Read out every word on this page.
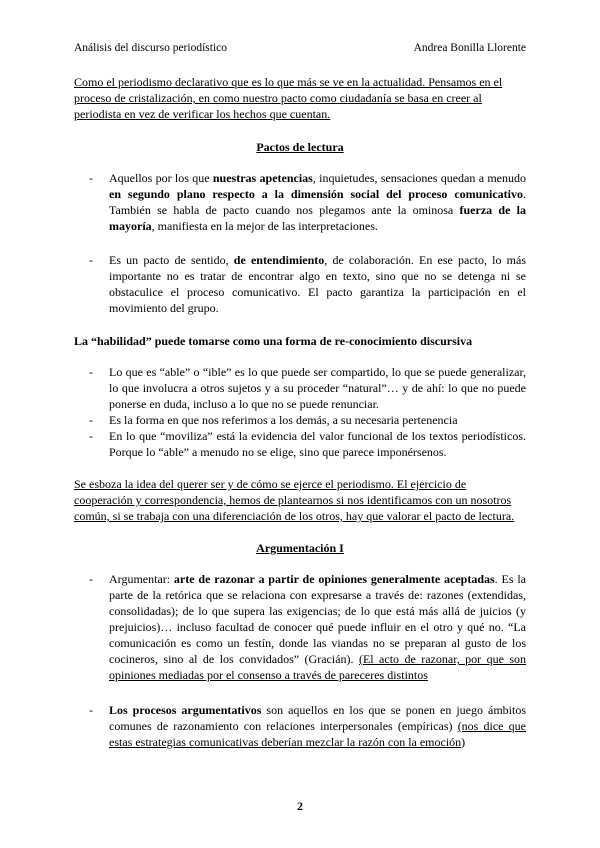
Análisis del discurso periodístico	Andrea Bonilla Llorente

Como el periodismo declarativo que es lo que más se ve en la actualidad. Pensamos en el proceso de cristalización, en como nuestro pacto como ciudadanía se basa en creer al periodista en vez de verificar los hechos que cuentan.

Pactos de lectura

- Aquellos por los que nuestras apetencias, inquietudes, sensaciones quedan a menudo en segundo plano respecto a la dimensión social del proceso comunicativo. También se habla de pacto cuando nos plegamos ante la ominosa fuerza de la mayoría, manifiesta en la mejor de las interpretaciones.
- Es un pacto de sentido, de entendimiento, de colaboración. En ese pacto, lo más importante no es tratar de encontrar algo en texto, sino que no se detenga ni se obstaculice el proceso comunicativo. El pacto garantiza la participación en el movimiento del grupo.

La “habilidad” puede tomarse como una forma de re-conocimiento discursiva

- Lo que es “able” o “ible” es lo que puede ser compartido, lo que se puede generalizar, lo que involucra a otros sujetos y a su proceder “natural”… y de ahí: lo que no puede ponerse en duda, incluso a lo que no se puede renunciar.
- Es la forma en que nos referimos a los demás, a su necesaria pertenencia
- En lo que “moviliza” está la evidencia del valor funcional de los textos periodísticos. Porque lo “able” a menudo no se elige, sino que parece imponérsenos.

Se esboza la idea del querer ser y de cómo se ejerce el periodismo. El ejercicio de cooperación y correspondencia, hemos de plantearnos si nos identificamos con un nosotros común, si se trabaja con una diferenciación de los otros, hay que valorar el pacto de lectura.

Argumentación I

- Argumentar: arte de razonar a partir de opiniones generalmente aceptadas. Es la parte de la retórica que se relaciona con expresarse a través de: razones (extendidas, consolidadas); de lo que supera las exigencias; de lo que está más allá de juicios (y prejuicios)… incluso facultad de conocer qué puede influir en el otro y qué no. “La comunicación es como un festín, donde las viandas no se preparan al gusto de los cocineros, sino al de los convidados” (Gracián). (El acto de razonar, por que son opiniones mediadas por el consenso a través de pareceres distintos
- Los procesos argumentativos son aquellos en los que se ponen en juego ámbitos comunes de razonamiento con relaciones interpersonales (empíricas) (nos dice que estas estrategias comunicativas deberían mezclar la razón con la emoción)
2
